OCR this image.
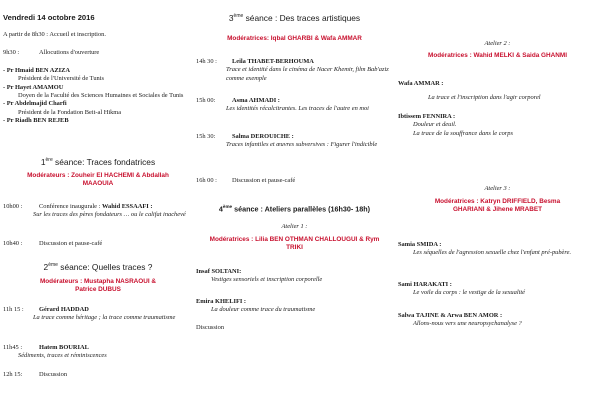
Vendredi 14 octobre 2016
A partir de 8h30 : Accueil et inscription.
9h30 :	Allocutions d'ouverture
- Pr Hmaid BEN AZIZA
Président de l'Université de Tunis
- Pr Hayet AMAMOU
Doyen de la Faculté des Sciences Humaines et Sociales de Tunis
- Pr Abdelmajid Charfi
Président de la Fondation Beit-al Hikma
- Pr Riadh BEN REJEB
1ère séance: Traces fondatrices
Modérateurs : Zouheir El HACHEMI & Abdallah MAAOUIA
10h00 :	Conférence inaugurale : Wahid ESSAAFI :
Sur les traces des pères fondateurs … ou le califat inachevé
10h40 :	Discussion et pause-café
2ème séance: Quelles traces ?
Modérateurs : Mustapha NASRAOUI & Patrice DUBUS
11h 15 :	Gérard HADDAD
La trace comme héritage ; la trace comme traumatisme
11h45 :	Hatem BOURIAL
Sédiments, traces et réminiscences
12h 15:	Discussion
3ème séance : Des traces artistiques
Modératrices: Iqbal GHARBI & Wafa AMMAR
14h 30 :	Leila THABET-BERHOUMA
Trace et identité dans le cinéma de Nacer Khemir, film Bab'aziz comme exemple
15h 00:	Asma AHMADI :
Les identités récalcitrantes. Les traces de l'autre en moi
15h 30:	Salma DEROUICHE :
Traces infantiles et œuvres subversives : Figurer l'indicible
16h 00 :	Discussion et pause-café
4ème séance : Ateliers parallèles (16h30- 18h)
Atelier 1 :
Modératrices : Lilia BEN OTHMAN CHALLOUGUI & Rym TRIKI
Insaf SOLTANI:
Vestiges sensoriels et inscription corporelle
Emira KHELIFI :
La douleur comme trace du traumatisme
Discussion
Atelier 2 :
Modératrices : Wahid MELKI & Saida GHANMI
Wafa AMMAR :
La trace et l'inscription dans l'agir corporel
Ibtissem FENNIRA :
Douleur et deuil.
La trace de la souffrance dans le corps
Atelier 3 :
Modératrices : Katryn DRIFFIELD, Besma GHARIANI & Jihene MRABET
Samia SMIDA :
Les séquelles de l'agression sexuelle chez l'enfant pré-pubère.
Sami HARAKATI :
Le voile du corps : le vestige de la sexualité
Salwa TAJINE & Arwa BEN AMOR :
Allons-nous vers une neuropsychanalyse ?
